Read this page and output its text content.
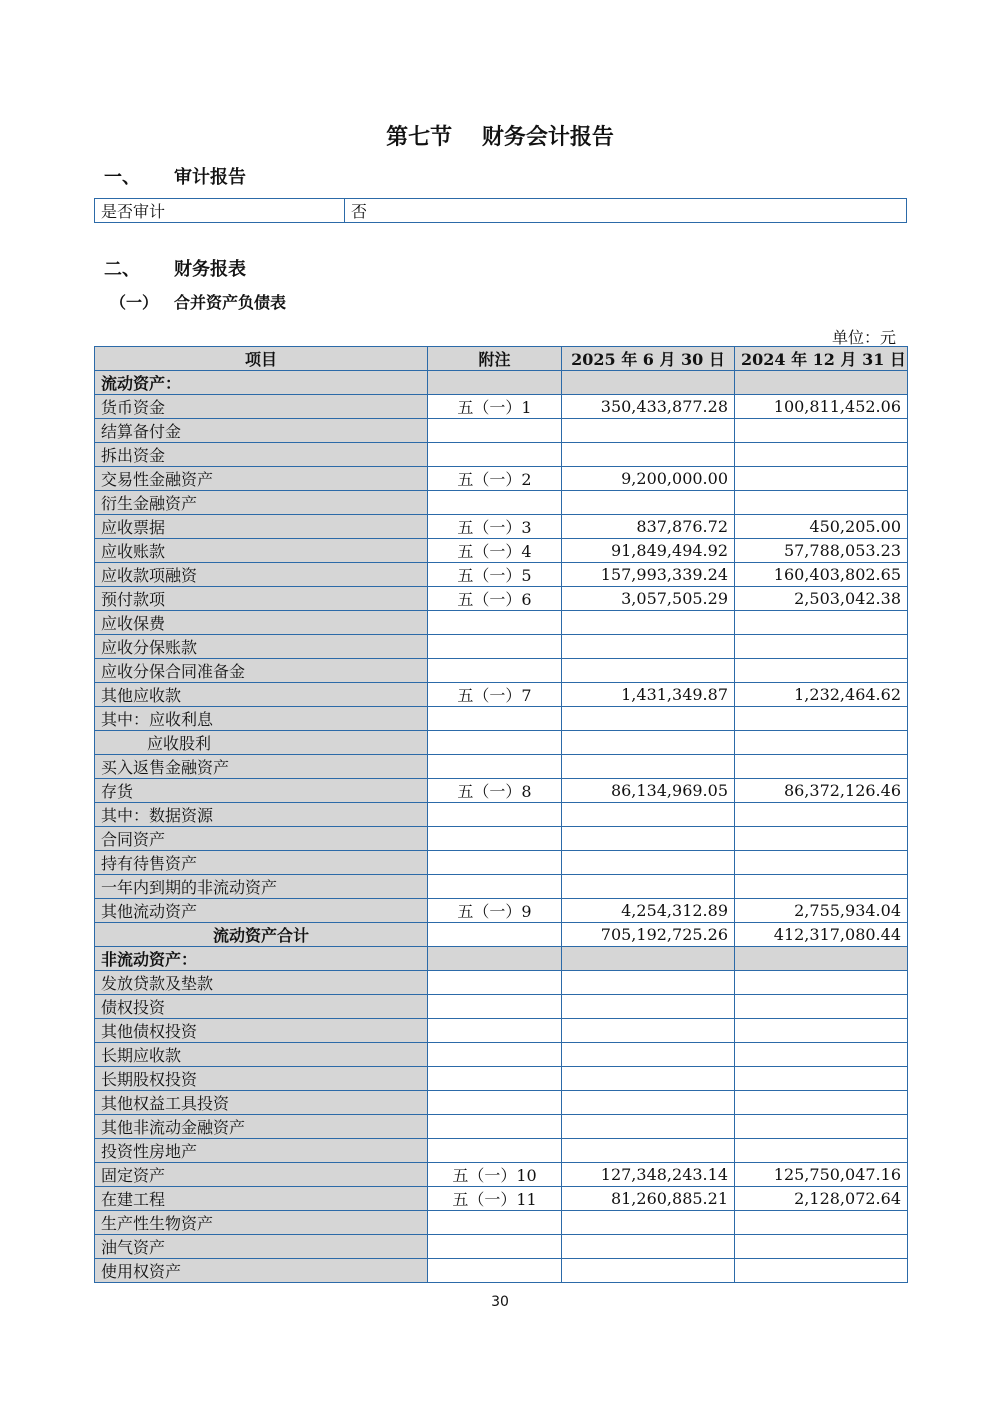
第七节　 财务会计报告
一、 审计报告
是否审计	否
二、 财务报表
（一） 合并资产负债表
单位：元
项目	附注	2025 年 6 月 30 日	2024 年 12 月 31 日
流动资产：			
货币资金	五（一）1	350,433,877.28	100,811,452.06
结算备付金			
拆出资金			
交易性金融资产	五（一）2	9,200,000.00	
衍生金融资产			
应收票据	五（一）3	837,876.72	450,205.00
应收账款	五（一）4	91,849,494.92	57,788,053.23
应收款项融资	五（一）5	157,993,339.24	160,403,802.65
预付款项	五（一）6	3,057,505.29	2,503,042.38
应收保费			
应收分保账款			
应收分保合同准备金			
其他应收款	五（一）7	1,431,349.87	1,232,464.62
其中：应收利息			
应收股利			
买入返售金融资产			
存货	五（一）8	86,134,969.05	86,372,126.46
其中：数据资源			
合同资产			
持有待售资产			
一年内到期的非流动资产			
其他流动资产	五（一）9	4,254,312.89	2,755,934.04
流动资产合计		705,192,725.26	412,317,080.44
非流动资产：			
发放贷款及垫款			
债权投资			
其他债权投资			
长期应收款			
长期股权投资			
其他权益工具投资			
其他非流动金融资产			
投资性房地产			
固定资产	五（一）10	127,348,243.14	125,750,047.16
在建工程	五（一）11	81,260,885.21	2,128,072.64
生产性生物资产			
油气资产			
使用权资产			
30
